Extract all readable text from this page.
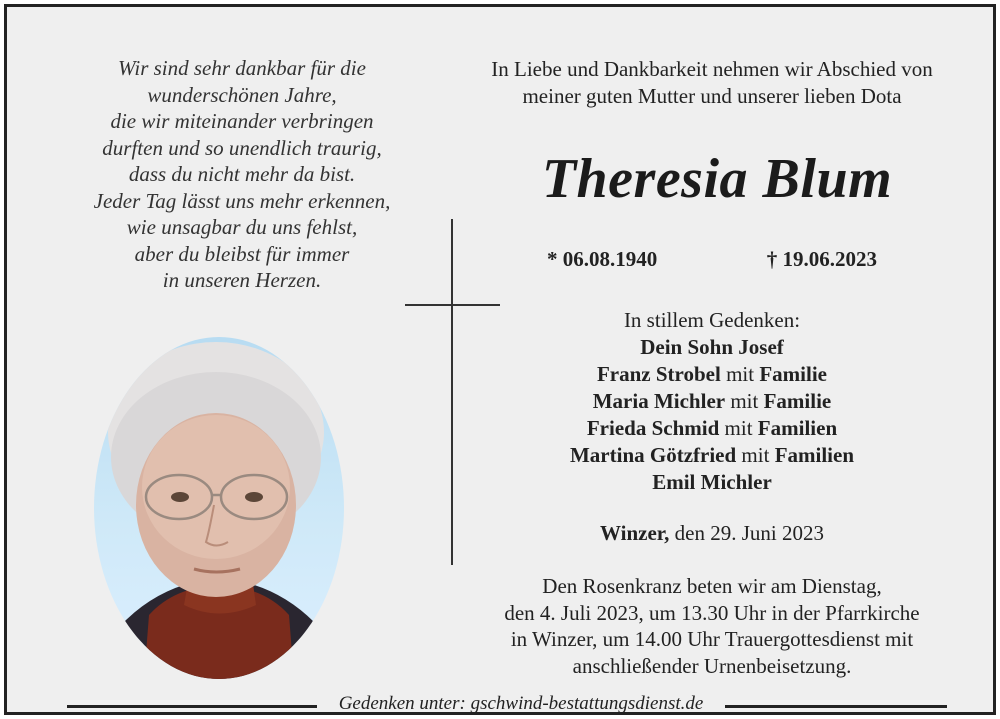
Wir sind sehr dankbar für die
wunderschönen Jahre,
die wir miteinander verbringen
durften und so unendlich traurig,
dass du nicht mehr da bist.
Jeder Tag lässt uns mehr erkennen,
wie unsagbar du uns fehlst,
aber du bleibst für immer
in unseren Herzen.
In Liebe und Dankbarkeit nehmen wir Abschied von
meiner guten Mutter und unserer lieben Dota
Theresia Blum
* 06.08.1940	† 19.06.2023
In stillem Gedenken:
Dein Sohn Josef
Franz Strobel mit Familie
Maria Michler mit Familie
Frieda Schmid mit Familien
Martina Götzfried mit Familien
Emil Michler
Winzer, den 29. Juni 2023
Den Rosenkranz beten wir am Dienstag,
den 4. Juli 2023, um 13.30 Uhr in der Pfarrkirche
in Winzer, um 14.00 Uhr Trauergottesdienst mit
anschließender Urnenbeisetzung.
Gedenken unter: gschwind-bestattungsdienst.de
